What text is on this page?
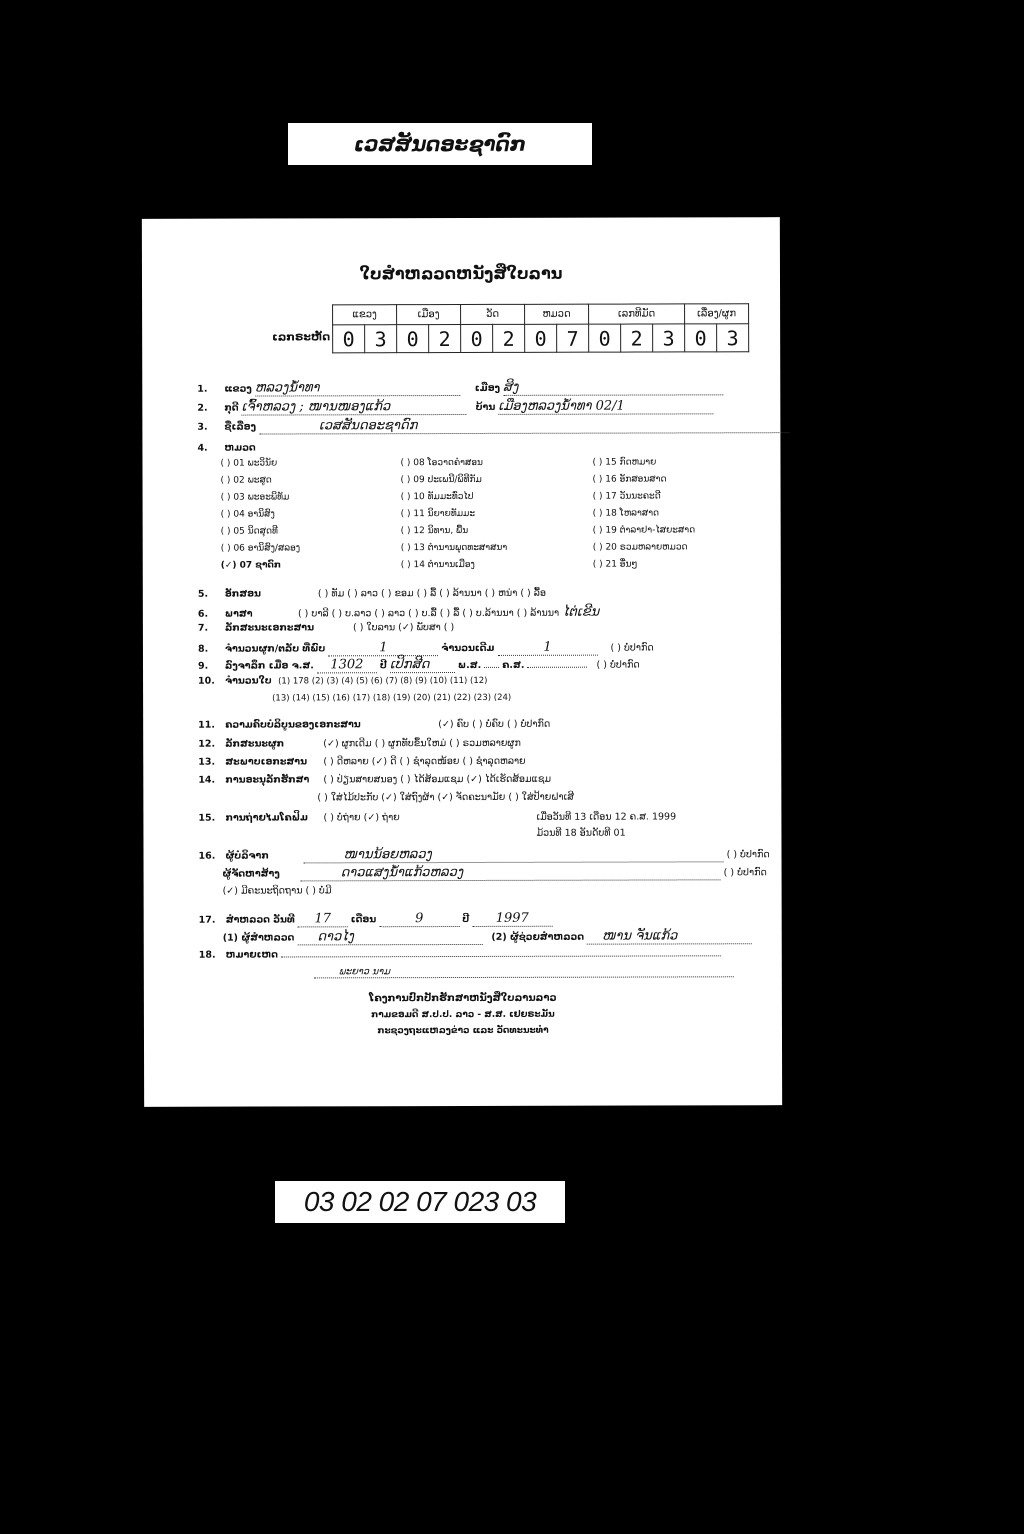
ເວສສັນດອະຊາດົກ
ໃບສຳຫລວດຫນັງສືໃບລານ
ເລກຣະຫັດ
ແຂວງ		ເມືອງ		ວັດ		ຫມວດ		ເລກທີມັດ			ເລື່ອງ/ຜູກ	
0	3	0	2	0	2	0	7	0	2	3	0	3
1. ແຂວງ ຫລວງນ້ຳທາ	ເມືອງ ສິງ
2. ກຸດີ ເຈົ້າຫລວງ ; ໜານໜອງແກ້ວ	ບ້ານ ເມືອງຫລວງນ້ຳທາ 02/1
3. ຊື່ເລື່ອງ	ເວສສັນດອະຊາດົກ
4. ຫມວດ
( ) 01 ພະວິນັຍ
( ) 02 ພະສູດ
( ) 03 ພະອະພິທັມ
( ) 04 ອານິສົງ
( ) 05 ນິດສຸດທີ
( ) 06 ອານິສົງ/ສລອງ
(✓) 07 ຊາດົກ
( ) 08 ໂອວາດຄຳສອນ
( ) 09 ປະເພນີ/ພິທີກັມ
( ) 10 ທັມມະທົ່ວໄປ
( ) 11 ນິຍາຍທັມມະ
( ) 12 ນິທານ, ພື້ນ
( ) 13 ຕຳນານພຸດທະສາສນາ
( ) 14 ຕຳນານເມືອງ
( ) 15 ກົດຫມາຍ
( ) 16 ອັກສອນສາດ
( ) 17 ວັນນະຄະດີ
( ) 18 ໂຫລາສາດ
( ) 19 ຕຳລາຢາ-ໄສຍະສາດ
( ) 20 ຣວມຫລາຍຫມວດ
( ) 21 ອື່ນໆ
5. ອັກສອນ	( ) ທັມ ( ) ລາວ ( ) ຂອມ ( ) ລື້ ( ) ລ້ານນາ ( ) ຫນ່າ ( ) ລື້ອ
6. ພາສາ	( ) ບາລີ ( ) ບ.ລາວ ( ) ລາວ ( ) ບ.ລື້ ( ) ລື້ ( ) ບ.ລ້ານນາ ( ) ລ້ານນາ ໄຕ່ເຂີນ
7. ລັກສະນະເອກະສານ	( ) ໃບລານ (✓) ພັບສາ ( )
8. ຈຳນວນຜູກ/ຕລັບ ທີ່ພົບ	1	ຈຳນວນເດີມ	1	( ) ບໍ່ປາກົດ
9. ລົງຈາລຶກ ເມື່ອ ຈ.ສ. 1302 ປີ ເປິກສີດ	ພ.ສ. ຄ.ສ.	( ) ບໍ່ປາກົດ
10. ຈຳນວນໃບ (1) 178 (2) (3) (4) (5) (6) (7) (8) (9) (10) (11) (12)
(13) (14) (15) (16) (17) (18) (19) (20) (21) (22) (23) (24)
11. ຄວາມຄົບບໍລິບູນຂອງເອກະສານ	(✓) ຄົບ ( ) ບໍ່ຄົບ ( ) ບໍ່ປາກົດ
12. ລັກສະນະຜູກ	(✓) ຜູກເດີມ ( ) ຜູກທັບຂຶ້ນໃຫມ່ ( ) ຣວມຫລາຍຜູກ
13. ສະພາບເອກະສານ ( ) ດີຫລາຍ (✓) ດີ ( ) ຊຳລຸດໜ້ອຍ ( ) ຊຳລຸດຫລາຍ
14. ການອະນຸລັກຮັກສາ ( ) ປ່ຽນສາຍສນອງ ( ) ໄດ້ສ້ອມແຊມ (✓) ໄດ້ເຮັດສ້ອມແຊມ
( ) ໃສ່ໄມ້ປະກັບ (✓) ໃສ່ຖົງຜ້າ (✓) ຈັດຄະນາມັຍ ( ) ໃສ່ປ້າຍຝາເສີ
15. ການຖ່າຍໄມໂຄຟິມ ( ) ບໍ່ຖ່າຍ (✓) ຖ່າຍ	ເມື່ອວັນທີ 13 ເດືອນ 12 ຄ.ສ. 1999
ມ້ວນທີ 18 ອັນດັບທີ 01
16. ຜູ້ບໍລິຈາກ	ໜານນ້ອຍຫລວງ	( ) ບໍ່ປາກົດ
ຜູ້ຈັດຫາສ້າງ	ດາວແສງນ້ຳແກ້ວຫລວງ	( ) ບໍ່ປາກົດ
(✓) ມີຄະນະຖິດຖານ ( ) ບໍ່ມີ
17. ສຳຫລວດ ວັນທີ 17 ເດືອນ	9	ປີ 1997
(1) ຜູ້ສຳຫລວດ ດາວໄງ	(2) ຜູ້ຊ່ວຍສຳຫລວດ ໜານ ຈັນແກ້ວ
18. ຫມາຍເຫດ
ພະຍາວ ນາມ
ໂຄງການປົກປັກຮັກສາຫນັງສືໃບລານລາວ
ກາມຂອມດີ ສ.ປ.ປ. ລາວ - ສ.ສ. ເຢຍຣະມັນ
ກະຊວງຖະແຫລງຂ່າວ ແລະ ວັດທະນະທຳ
03 02 02 07 023 03
